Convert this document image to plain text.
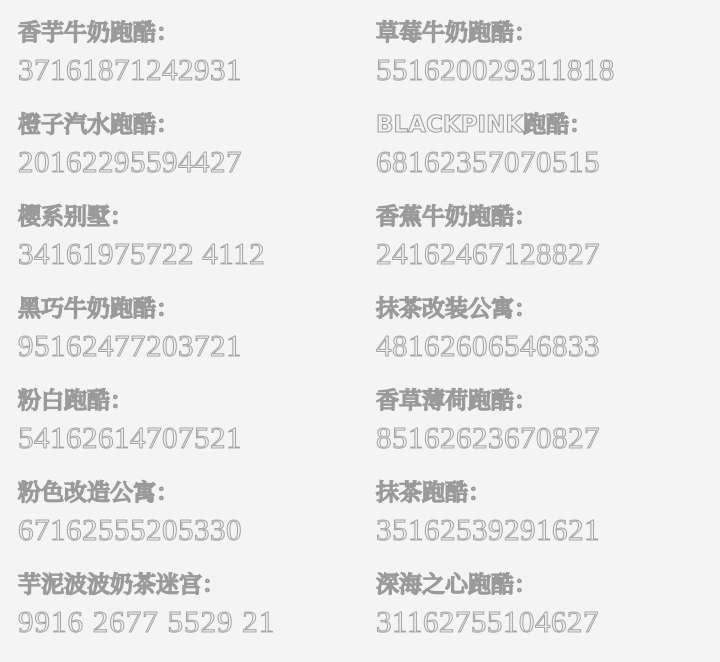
香芋牛奶跑酷：
37161871242931
草莓牛奶跑酷：
551620029311818
橙子汽水跑酷：
20162295594427
BLACKPINK跑酷：
68162357070515
樱系别墅：
34161975722 4112
香蕉牛奶跑酷：
24162467128827
黑巧牛奶跑酷：
95162477203721
抹茶改装公寓：
48162606546833
粉白跑酷：
54162614707521
香草薄荷跑酷：
85162623670827
粉色改造公寓：
67162555205330
抹茶跑酷：
35162539291621
芋泥波波奶茶迷宫：
9916 2677 5529 21
深海之心跑酷：
31162755104627
